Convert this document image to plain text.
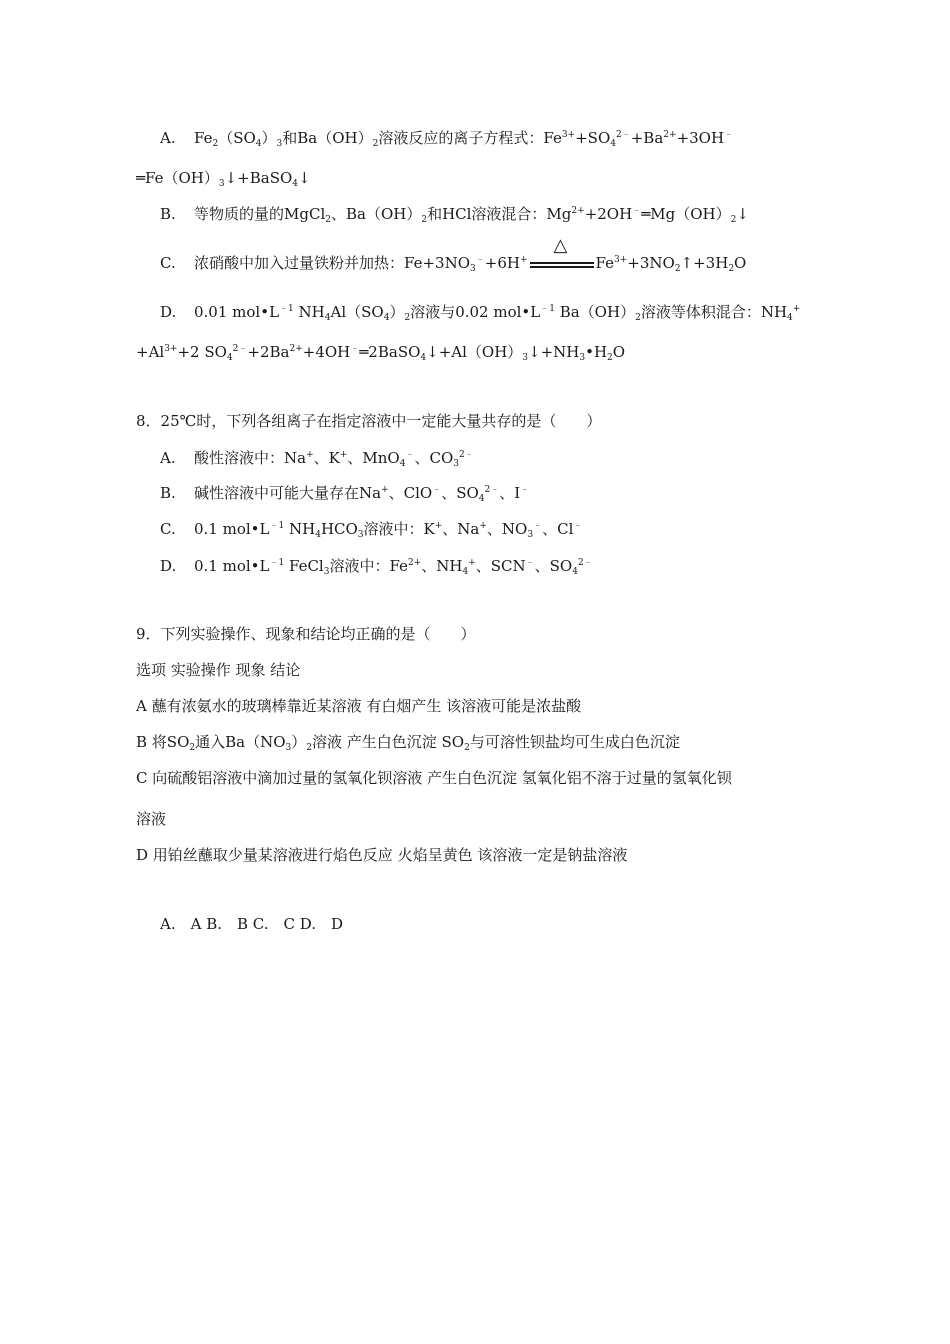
A. $Fe_2(SO_4)_3$和$Ba(OH)_2$溶液反应的离子方程式：$Fe^{3+}+SO_4^{2﹣}+Ba^{2+}+3OH^﹣$
$═Fe(OH)_3↓+BaSO_4↓$
B. 等物质的量的MgCl$_2$、$Ba(OH)_2$和HCl溶液混合：$Mg^{2+}+2OH^﹣═Mg(OH)_2↓$
C. 浓硝酸中加入过量铁粉并加热：$Fe+3NO_3^﹣+6H^+$
△
$Fe^{3+}+3NO_2↑+3H_2O$
D. 0.01 $mol•L^{﹣1}$ $NH_4Al(SO_4)_2$溶液与0.02 $mol•L^{﹣1}$ $Ba(OH)_2$溶液等体积混合：$NH_4^+$
$+Al^{3+}+2$ $SO_4^{2﹣}+2Ba^{2+}+4OH^﹣═2BaSO_4↓+Al(OH)_3↓+NH_3•H_2O$
8．25℃时，下列各组离子在指定溶液中一定能大量共存的是（　　）
A. 酸性溶液中：Na+、K+、MnO$_4$﹣、$CO_3^{2﹣}$
B. 碱性溶液中可能大量存在Na+、ClO﹣、$SO_4^{2﹣}$、I﹣
C. 0.1 $mol•L^{﹣1}$ $NH_4HCO_3$溶液中：K+、Na+、$NO_3^﹣$、Cl﹣
D. 0.1 $mol•L^{﹣1}$ FeCl$_3$溶液中：$Fe^{2+}$、$NH_4^+$、SCN﹣、$SO_4^{2﹣}$
9．下列实验操作、现象和结论均正确的是（　　）
选项 实验操作 现象 结论
A 蘸有浓氨水的玻璃棒靠近某溶液 有白烟产生 该溶液可能是浓盐酸
B 将$SO_2$通入$Ba(NO_3)_2$溶液 产生白色沉淀 $SO_2$与可溶性钡盐均可生成白色沉淀
C 向硫酸铝溶液中滴加过量的氢氧化钡溶液 产生白色沉淀 氢氧化铝不溶于过量的氢氧化钡
溶液
D 用铂丝蘸取少量某溶液进行焰色反应 火焰呈黄色 该溶液一定是钠盐溶液
A.　A B.　B C.　C D.　D
